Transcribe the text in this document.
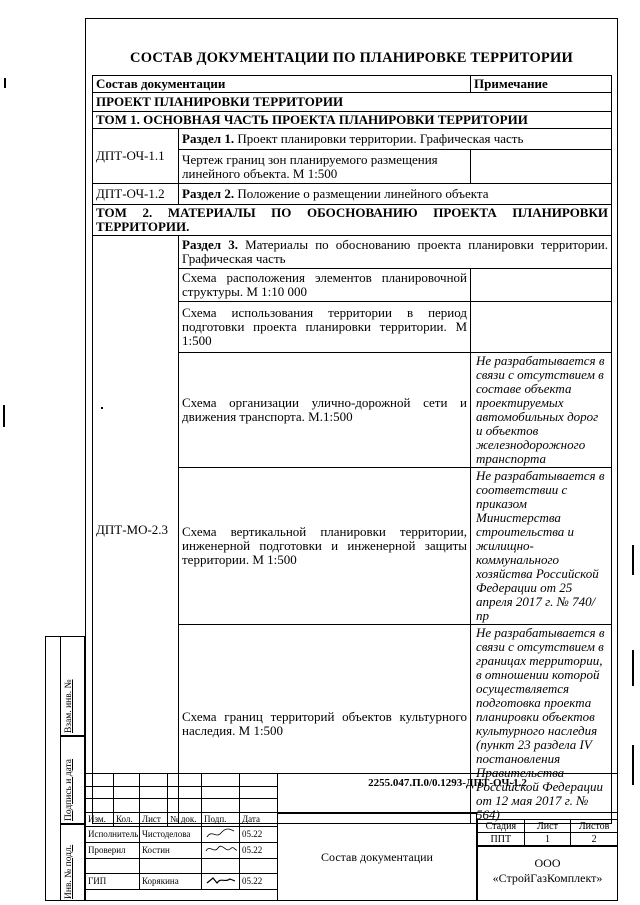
СОСТАВ ДОКУМЕНТАЦИИ ПО ПЛАНИРОВКЕ ТЕРРИТОРИИ
Состав документации		Примечание
ПРОЕКТ ПЛАНИРОВКИ ТЕРРИТОРИИ		
ТОМ 1. ОСНОВНАЯ ЧАСТЬ ПРОЕКТА ПЛАНИРОВКИ ТЕРРИТОРИИ		
ДПТ-ОЧ-1.1	Раздел 1. Проект планировки территории. Графическая часть	
	Чертеж границ зон планируемого размещения линейного объекта. М 1:500	
ДПТ-ОЧ-1.2	Раздел 2. Положение о размещении линейного объекта	
ТОМ 2. МАТЕРИАЛЫ ПО ОБОСНОВАНИЮ ПРОЕКТА ПЛАНИРОВКИ ТЕРРИТОРИИ.		
ДПТ-МО-2.3	Раздел 3. Материалы по обоснованию проекта планировки территории. Графическая часть	
	Схема расположения элементов планировочной структуры. М 1:10 000	
	Схема использования территории в период подготовки проекта планировки территории. М 1:500	
	Схема организации улично-дорожной сети и движения транспорта. М.1:500	Не разрабатывается в связи с отсутствием в составе объекта проектируемых автомобильных дорог и объектов железнодорожного транспорта
	Схема вертикальной планировки территории, инженерной подготовки и инженерной защиты территории. М 1:500	Не разрабатывается в соответствии с приказом Министерства строительства и жилищно-коммунального хозяйства Российской Федерации от 25 апреля 2017 г. № 740/пр
	Схема границ территорий объектов культурного наследия. М 1:500	Не разрабатывается в связи с отсутствием в границах территории, в отношении которой осуществляется подготовка проекта планировки объектов культурного наследия (пункт 23 раздела IV постановления Правительства Российской Федерации от 12 мая 2017 г. № 564)

Изм.	Кол.	Лист	№ док.	Подп.	Дата
Исполнитель		Чистоделова			05.22
Проверил		Костин			05.22

ГИП		Корякина			05.22
2255.047.П.0/0.1293-ДПТ-ОЧ-1.2
Состав документации
Стадия	Лист	Листов
ППТ	1	2
ООО
«СтройГазКомплект»
Взам. инв. №
Подпись и дата
Инв. № подл.
